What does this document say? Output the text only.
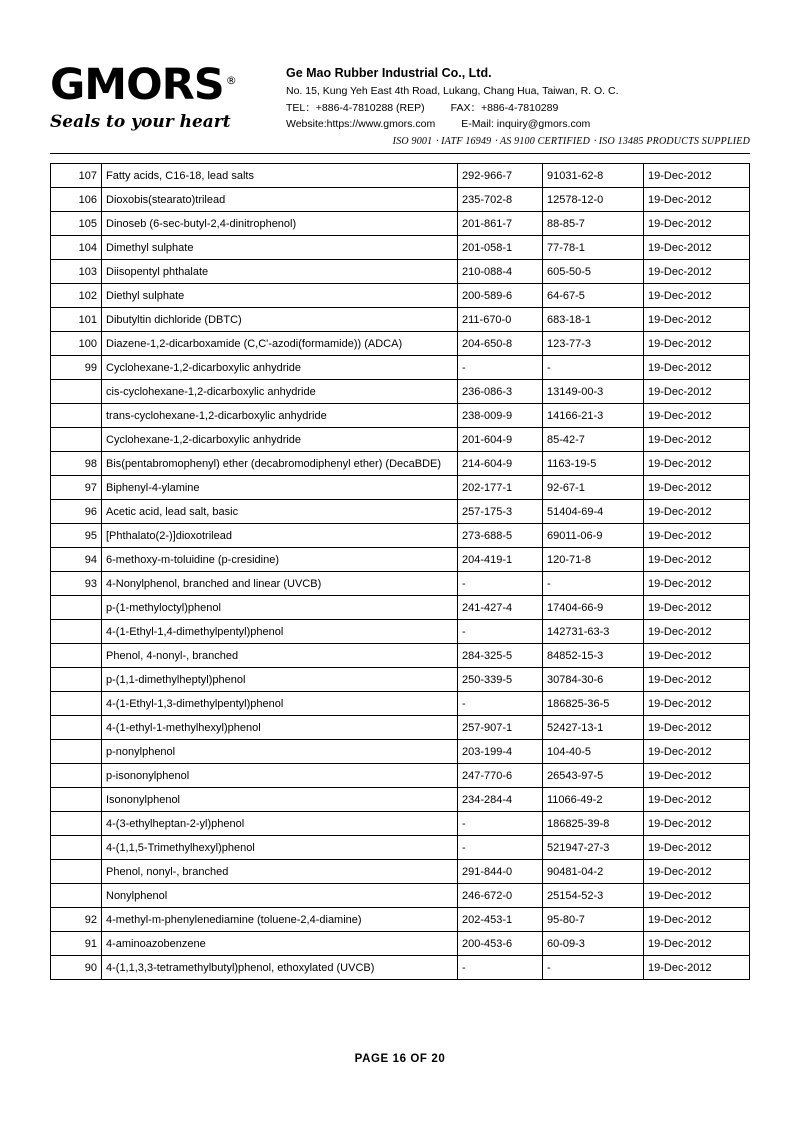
GMORS ®
Seals to your heart
Ge Mao Rubber Industrial Co., Ltd.
No. 15, Kung Yeh East 4th Road, Lukang, Chang Hua, Taiwan, R. O. C.
TEL：+886-4-7810288 (REP) FAX：+886-4-7810289
Website:https://www.gmors.com E-Mail: inquiry@gmors.com
ISO 9001 ‧ IATF 16949 ‧ AS 9100 CERTIFIED ‧ ISO 13485 PRODUCTS SUPPLIED
107	Fatty acids, C16-18, lead salts	292-966-7	91031-62-8	19-Dec-2012
106	Dioxobis(stearato)trilead	235-702-8	12578-12-0	19-Dec-2012
105	Dinoseb (6-sec-butyl-2,4-dinitrophenol)	201-861-7	88-85-7	19-Dec-2012
104	Dimethyl sulphate	201-058-1	77-78-1	19-Dec-2012
103	Diisopentyl phthalate	210-088-4	605-50-5	19-Dec-2012
102	Diethyl sulphate	200-589-6	64-67-5	19-Dec-2012
101	Dibutyltin dichloride (DBTC)	211-670-0	683-18-1	19-Dec-2012
100	Diazene-1,2-dicarboxamide (C,C'-azodi(formamide)) (ADCA)	204-650-8	123-77-3	19-Dec-2012
99	Cyclohexane-1,2-dicarboxylic anhydride	-	-	19-Dec-2012
	cis-cyclohexane-1,2-dicarboxylic anhydride	236-086-3	13149-00-3	19-Dec-2012
	trans-cyclohexane-1,2-dicarboxylic anhydride	238-009-9	14166-21-3	19-Dec-2012
	Cyclohexane-1,2-dicarboxylic anhydride	201-604-9	85-42-7	19-Dec-2012
98	Bis(pentabromophenyl) ether (decabromodiphenyl ether) (DecaBDE)	214-604-9	1163-19-5	19-Dec-2012
97	Biphenyl-4-ylamine	202-177-1	92-67-1	19-Dec-2012
96	Acetic acid, lead salt, basic	257-175-3	51404-69-4	19-Dec-2012
95	[Phthalato(2-)]dioxotrilead	273-688-5	69011-06-9	19-Dec-2012
94	6-methoxy-m-toluidine (p-cresidine)	204-419-1	120-71-8	19-Dec-2012
93	4-Nonylphenol, branched and linear (UVCB)	-	-	19-Dec-2012
	p-(1-methyloctyl)phenol	241-427-4	17404-66-9	19-Dec-2012
	4-(1-Ethyl-1,4-dimethylpentyl)phenol	-	142731-63-3	19-Dec-2012
	Phenol, 4-nonyl-, branched	284-325-5	84852-15-3	19-Dec-2012
	p-(1,1-dimethylheptyl)phenol	250-339-5	30784-30-6	19-Dec-2012
	4-(1-Ethyl-1,3-dimethylpentyl)phenol	-	186825-36-5	19-Dec-2012
	4-(1-ethyl-1-methylhexyl)phenol	257-907-1	52427-13-1	19-Dec-2012
	p-nonylphenol	203-199-4	104-40-5	19-Dec-2012
	p-isononylphenol	247-770-6	26543-97-5	19-Dec-2012
	Isononylphenol	234-284-4	11066-49-2	19-Dec-2012
	4-(3-ethylheptan-2-yl)phenol	-	186825-39-8	19-Dec-2012
	4-(1,1,5-Trimethylhexyl)phenol	-	521947-27-3	19-Dec-2012
	Phenol, nonyl-, branched	291-844-0	90481-04-2	19-Dec-2012
	Nonylphenol	246-672-0	25154-52-3	19-Dec-2012
92	4-methyl-m-phenylenediamine (toluene-2,4-diamine)	202-453-1	95-80-7	19-Dec-2012
91	4-aminoazobenzene	200-453-6	60-09-3	19-Dec-2012
90	4-(1,1,3,3-tetramethylbutyl)phenol, ethoxylated (UVCB)	-	-	19-Dec-2012
PAGE 16 OF 20
